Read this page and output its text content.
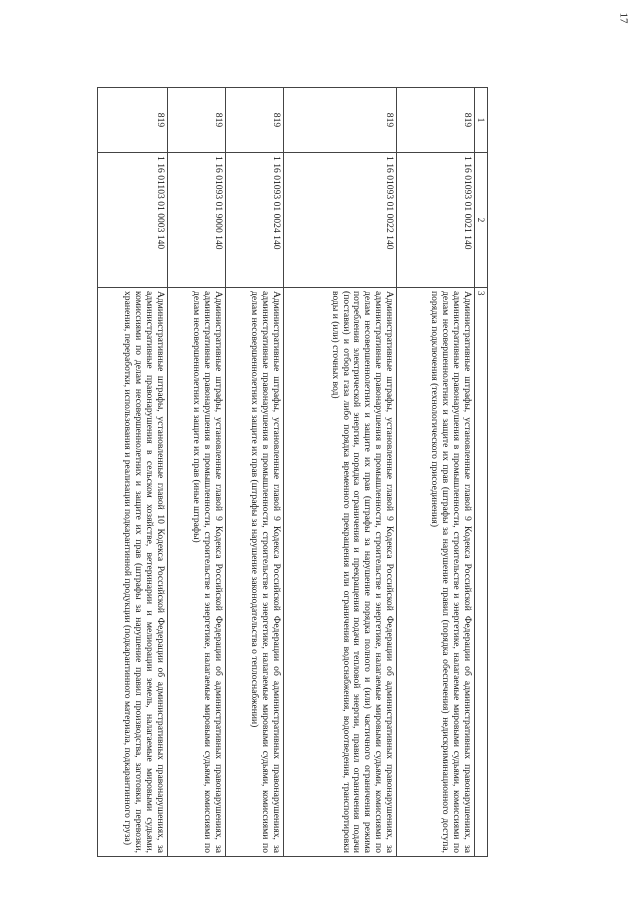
17
1	2	3
819	1 16 01093 01 0021 140	Административные штрафы, установленные главой 9 Кодекса Российской Федерации об административных правонарушениях, за административные правонарушения в промышленности, строительстве и энергетике, налагаемые мировыми судьями, комиссиями по делам несовершеннолетних и защите их прав (штрафы за нарушение правил (порядка обеспечения) недискриминационного доступа, порядка подключения (технологического присоединения)
819	1 16 01093 01 0022 140	Административные штрафы, установленные главой 9 Кодекса Российской Федерации об административных правонарушениях, за административные правонарушения в промышленности, строительстве и энергетике, налагаемые мировыми судьями, комиссиями по делам несовершеннолетних и защите их прав (штрафы за нарушение порядка полного и (или) частичного ограничения режима потребления электрической энергии, порядка ограничения и прекращения подачи тепловой энергии, правил ограничения подачи (поставки) и отбора газа либо порядка временного прекращения или ограничения водоснабжения, водоотведения, транспортировки воды и (или) сточных вод)
819	1 16 01093 01 0024 140	Административные штрафы, установленные главой 9 Кодекса Российской Федерации об административных правонарушениях, за административные правонарушения в промышленности, строительстве и энергетике, налагаемые мировыми судьями, комиссиями по делам несовершеннолетних и защите их прав (штрафы за нарушение законодательства о теплоснабжении)
819	1 16 01093 01 9000 140	Административные штрафы, установленные главой 9 Кодекса Российской Федерации об административных правонарушениях, за административные правонарушения в промышленности, строительстве и энергетике, налагаемые мировыми судьями, комиссиями по делам несовершеннолетних и защите их прав (иные штрафы)
819	1 16 01103 01 0003 140	Административные штрафы, установленные главой 10 Кодекса Российской Федерации об административных правонарушениях, за административные правонарушения в сельском хозяйстве, ветеринарии и мелиорации земель, налагаемые мировыми судьями, комиссиями по делам несовершеннолетних и защите их прав (штрафы за нарушение правил производства, заготовки, перевозки, хранения, переработки, использования и реализации подкарантинной продукции (подкарантинного материала, подкарантинного груза)
